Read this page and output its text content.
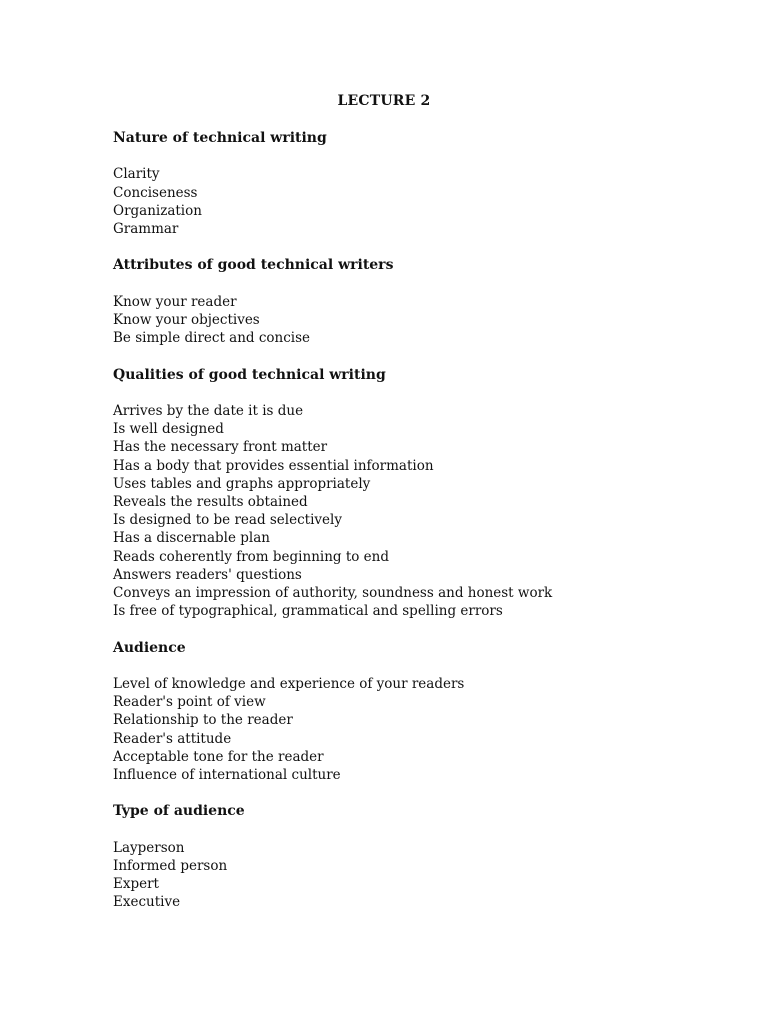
LECTURE 2
Nature of technical writing
Clarity
Conciseness
Organization
Grammar
Attributes of good technical writers
Know your reader
Know your objectives
Be simple direct and concise
Qualities of good technical writing
Arrives by the date it is due
Is well designed
Has the necessary front matter
Has a body that provides essential information
Uses tables and graphs appropriately
Reveals the results obtained
Is designed to be read selectively
Has a discernable plan
Reads coherently from beginning to end
Answers readers' questions
Conveys an impression of authority, soundness and honest work
Is free of typographical, grammatical and spelling errors
Audience
Level of knowledge and experience of your readers
Reader's point of view
Relationship to the reader
Reader's attitude
Acceptable tone for the reader
Influence of international culture
Type of audience
Layperson
Informed person
Expert
Executive
